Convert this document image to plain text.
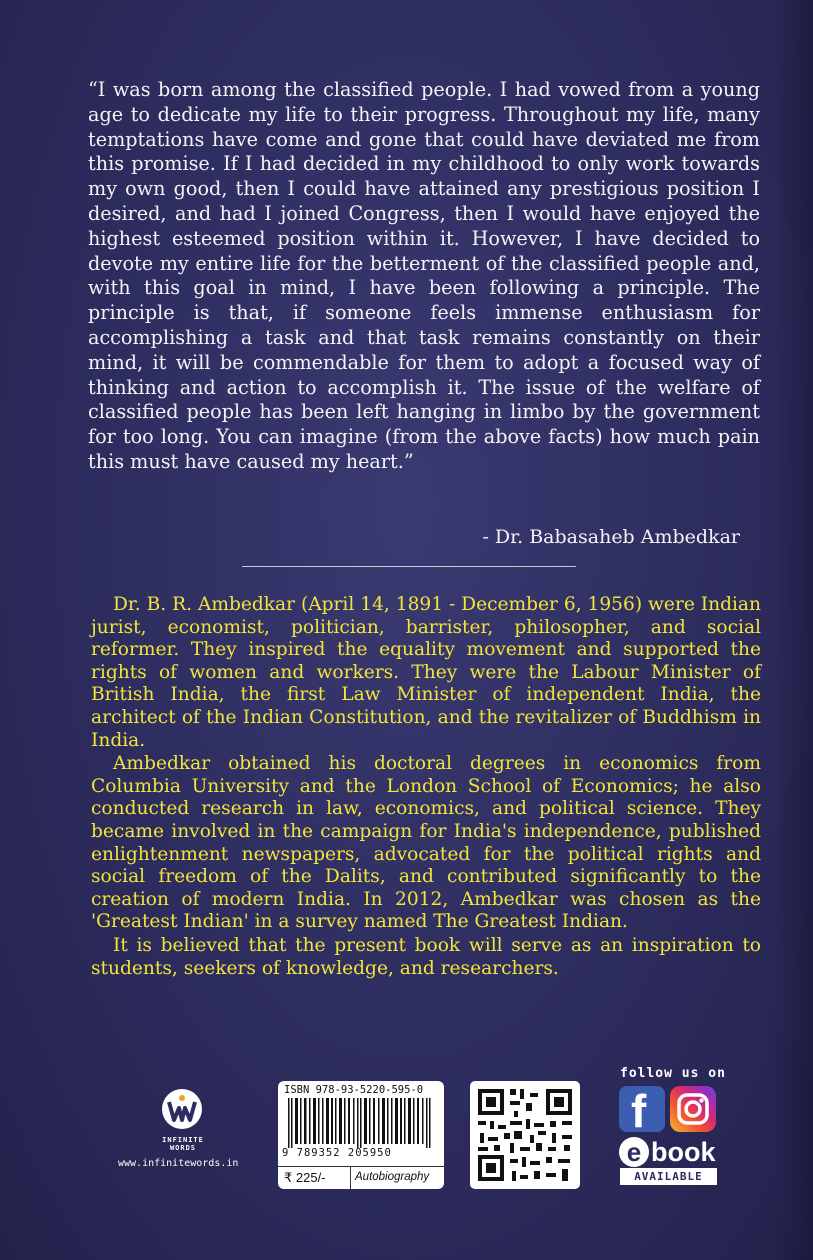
“I was born among the classified people. I had vowed from a young age to dedicate my life to their progress. Throughout my life, many temptations have come and gone that could have deviated me from this promise. If I had decided in my childhood to only work towards my own good, then I could have attained any prestigious position I desired, and had I joined Congress, then I would have enjoyed the highest esteemed position within it. However, I have decided to devote my entire life for the betterment of the classified people and, with this goal in mind, I have been following a principle. The principle is that, if someone feels immense enthusiasm for accomplishing a task and that task remains constantly on their mind, it will be commendable for them to adopt a focused way of thinking and action to accomplish it. The issue of the welfare of classified people has been left hanging in limbo by the government for too long. You can imagine (from the above facts) how much pain this must have caused my heart.”

- Dr. Babasaheb Ambedkar

Dr. B. R. Ambedkar (April 14, 1891 - December 6, 1956) were Indian jurist, economist, politician, barrister, philosopher, and social reformer. They inspired the equality movement and supported the rights of women and workers. They were the Labour Minister of British India, the first Law Minister of independent India, the architect of the Indian Constitution, and the revitalizer of Buddhism in India.

Ambedkar obtained his doctoral degrees in economics from Columbia University and the London School of Economics; he also conducted research in law, economics, and political science. They became involved in the campaign for India's independence, published enlightenment newspapers, advocated for the political rights and social freedom of the Dalits, and contributed significantly to the creation of modern India. In 2012, Ambedkar was chosen as the 'Greatest Indian' in a survey named The Greatest Indian.

It is believed that the present book will serve as an inspiration to students, seekers of knowledge, and researchers.

INFINITE
WORDS
www.infinitewords.in
ISBN 978-93-5220-595-0
9 789352 205950
₹ 225/-	Autobiography
follow us on
f
e book
AVAILABLE
